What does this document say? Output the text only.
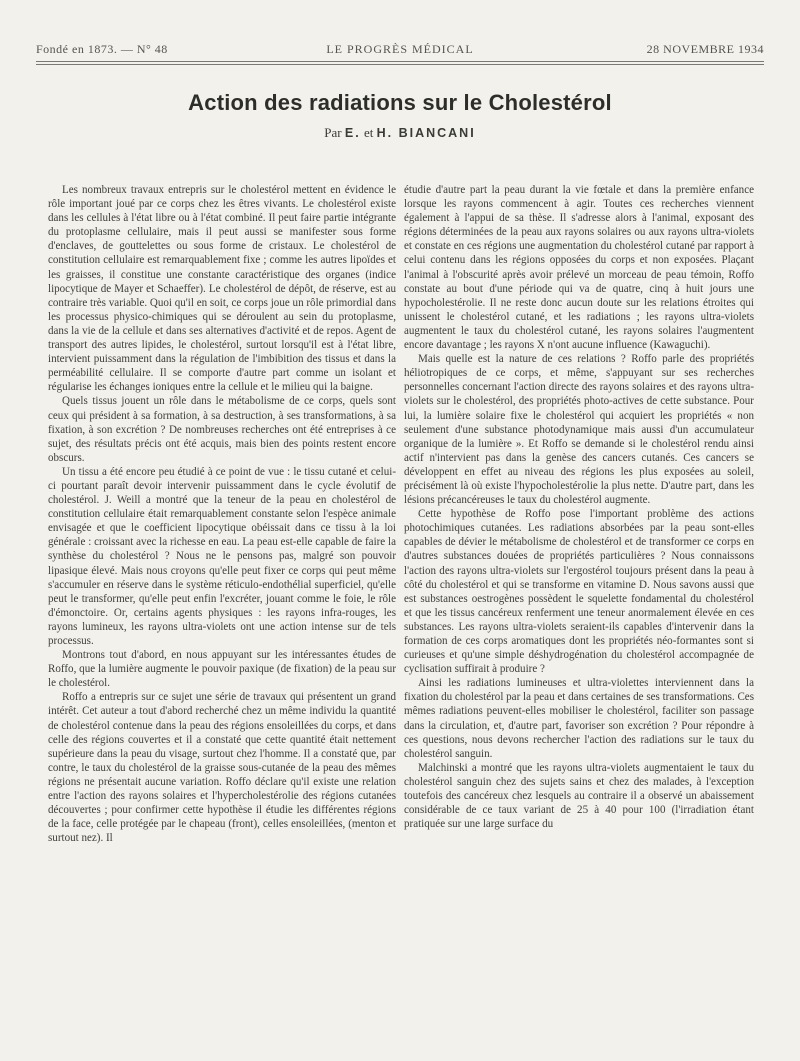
Fondé en 1873. — N° 48	LE PROGRÈS MÉDICAL	28 NOVEMBRE 1934
Action des radiations sur le Cholestérol
Par E. et H. BIANCANI

Les nombreux travaux entrepris sur le cholestérol mettent en évidence le rôle important joué par ce corps chez les êtres vivants. Le cholestérol existe dans les cellules à l'état libre ou à l'état combiné. Il peut faire partie intégrante du protoplasme cellulaire, mais il peut aussi se manifester sous forme d'enclaves, de gouttelettes ou sous forme de cristaux. Le cholestérol de constitution cellulaire est remarquablement fixe ; comme les autres lipoïdes et les graisses, il constitue une constante caractéristique des organes (indice lipocytique de Mayer et Schaeffer). Le cholestérol de dépôt, de réserve, est au contraire très variable. Quoi qu'il en soit, ce corps joue un rôle primordial dans les processus physico-chimiques qui se déroulent au sein du protoplasme, dans la vie de la cellule et dans ses alternatives d'activité et de repos. Agent de transport des autres lipides, le cholestérol, surtout lorsqu'il est à l'état libre, intervient puissamment dans la régulation de l'imbibition des tissus et dans la perméabilité cellulaire. Il se comporte d'autre part comme un isolant et régularise les échanges ioniques entre la cellule et le milieu qui la baigne.

Quels tissus jouent un rôle dans le métabolisme de ce corps, quels sont ceux qui président à sa formation, à sa destruction, à ses transformations, à sa fixation, à son excrétion ? De nombreuses recherches ont été entreprises à ce sujet, des résultats précis ont été acquis, mais bien des points restent encore obscurs.

Un tissu a été encore peu étudié à ce point de vue : le tissu cutané et celui-ci pourtant paraît devoir intervenir puissamment dans le cycle évolutif de cholestérol. J. Weill a montré que la teneur de la peau en cholestérol de constitution cellulaire était remarquablement constante selon l'espèce animale envisagée et que le coefficient lipocytique obéissait dans ce tissu à la loi générale : croissant avec la richesse en eau. La peau est-elle capable de faire la synthèse du cholestérol ? Nous ne le pensons pas, malgré son pouvoir lipasique élevé. Mais nous croyons qu'elle peut fixer ce corps qui peut même s'accumuler en réserve dans le système réticulo-endothélial superficiel, qu'elle peut le transformer, qu'elle peut enfin l'excréter, jouant comme le foie, le rôle d'émonctoire. Or, certains agents physiques : les rayons infra-rouges, les rayons lumineux, les rayons ultra-violets ont une action intense sur de tels processus.

Montrons tout d'abord, en nous appuyant sur les intéressantes études de Roffo, que la lumière augmente le pouvoir paxique (de fixation) de la peau sur le cholestérol.

Roffo a entrepris sur ce sujet une série de travaux qui présentent un grand intérêt. Cet auteur a tout d'abord recherché chez un même individu la quantité de cholestérol contenue dans la peau des régions ensoleillées du corps, et dans celle des régions couvertes et il a constaté que cette quantité était nettement supérieure dans la peau du visage, surtout chez l'homme. Il a constaté que, par contre, le taux du cholestérol de la graisse sous-cutanée de la peau des mêmes régions ne présentait aucune variation. Roffo déclare qu'il existe une relation entre l'action des rayons solaires et l'hypercholestérolie des régions cutanées découvertes ; pour confirmer cette hypothèse il étudie les différentes régions de la face, celle protégée par le chapeau (front), celles ensoleillées, (menton et surtout nez). Il

étudie d'autre part la peau durant la vie fœtale et dans la première enfance lorsque les rayons commencent à agir. Toutes ces recherches viennent également à l'appui de sa thèse. Il s'adresse alors à l'animal, exposant des régions déterminées de la peau aux rayons solaires ou aux rayons ultra-violets et constate en ces régions une augmentation du cholestérol cutané par rapport à celui contenu dans les régions opposées du corps et non exposées. Plaçant l'animal à l'obscurité après avoir prélevé un morceau de peau témoin, Roffo constate au bout d'une période qui va de quatre, cinq à huit jours une hypocholestérolie. Il ne reste donc aucun doute sur les relations étroites qui unissent le cholestérol cutané, et les radiations ; les rayons ultra-violets augmentent le taux du cholestérol cutané, les rayons solaires l'augmentent encore davantage ; les rayons X n'ont aucune influence (Kawaguchi).

Mais quelle est la nature de ces relations ? Roffo parle des propriétés héliotropiques de ce corps, et même, s'appuyant sur ses recherches personnelles concernant l'action directe des rayons solaires et des rayons ultra-violets sur le cholestérol, des propriétés photo-actives de cette substance. Pour lui, la lumière solaire fixe le cholestérol qui acquiert les propriétés « non seulement d'une substance photodynamique mais aussi d'un accumulateur organique de la lumière ». Et Roffo se demande si le cholestérol rendu ainsi actif n'intervient pas dans la genèse des cancers cutanés. Ces cancers se développent en effet au niveau des régions les plus exposées au soleil, précisément là où existe l'hypocholestérolie la plus nette. D'autre part, dans les lésions précancéreuses le taux du cholestérol augmente.

Cette hypothèse de Roffo pose l'important problème des actions photochimiques cutanées. Les radiations absorbées par la peau sont-elles capables de dévier le métabolisme de cholestérol et de transformer ce corps en d'autres substances douées de propriétés particulières ? Nous connaissons l'action des rayons ultra-violets sur l'ergostérol toujours présent dans la peau à côté du cholestérol et qui se transforme en vitamine D. Nous savons aussi que est substances oestrogènes possèdent le squelette fondamental du cholestérol et que les tissus cancéreux renferment une teneur anormalement élevée en ces substances. Les rayons ultra-violets seraient-ils capables d'intervenir dans la formation de ces corps aromatiques dont les propriétés néo-formantes sont si curieuses et qu'une simple déshydrogénation du cholestérol accompagnée de cyclisation suffirait à produire ?

Ainsi les radiations lumineuses et ultra-violettes interviennent dans la fixation du cholestérol par la peau et dans certaines de ses transformations. Ces mêmes radiations peuvent-elles mobiliser le cholestérol, faciliter son passage dans la circulation, et, d'autre part, favoriser son excrétion ? Pour répondre à ces questions, nous devons rechercher l'action des radiations sur le taux du cholestérol sanguin.

Malchinski a montré que les rayons ultra-violets augmentaient le taux du cholestérol sanguin chez des sujets sains et chez des malades, à l'exception toutefois des cancéreux chez lesquels au contraire il a observé un abaissement considérable de ce taux variant de 25 à 40 pour 100 (l'irradiation étant pratiquée sur une large surface du
